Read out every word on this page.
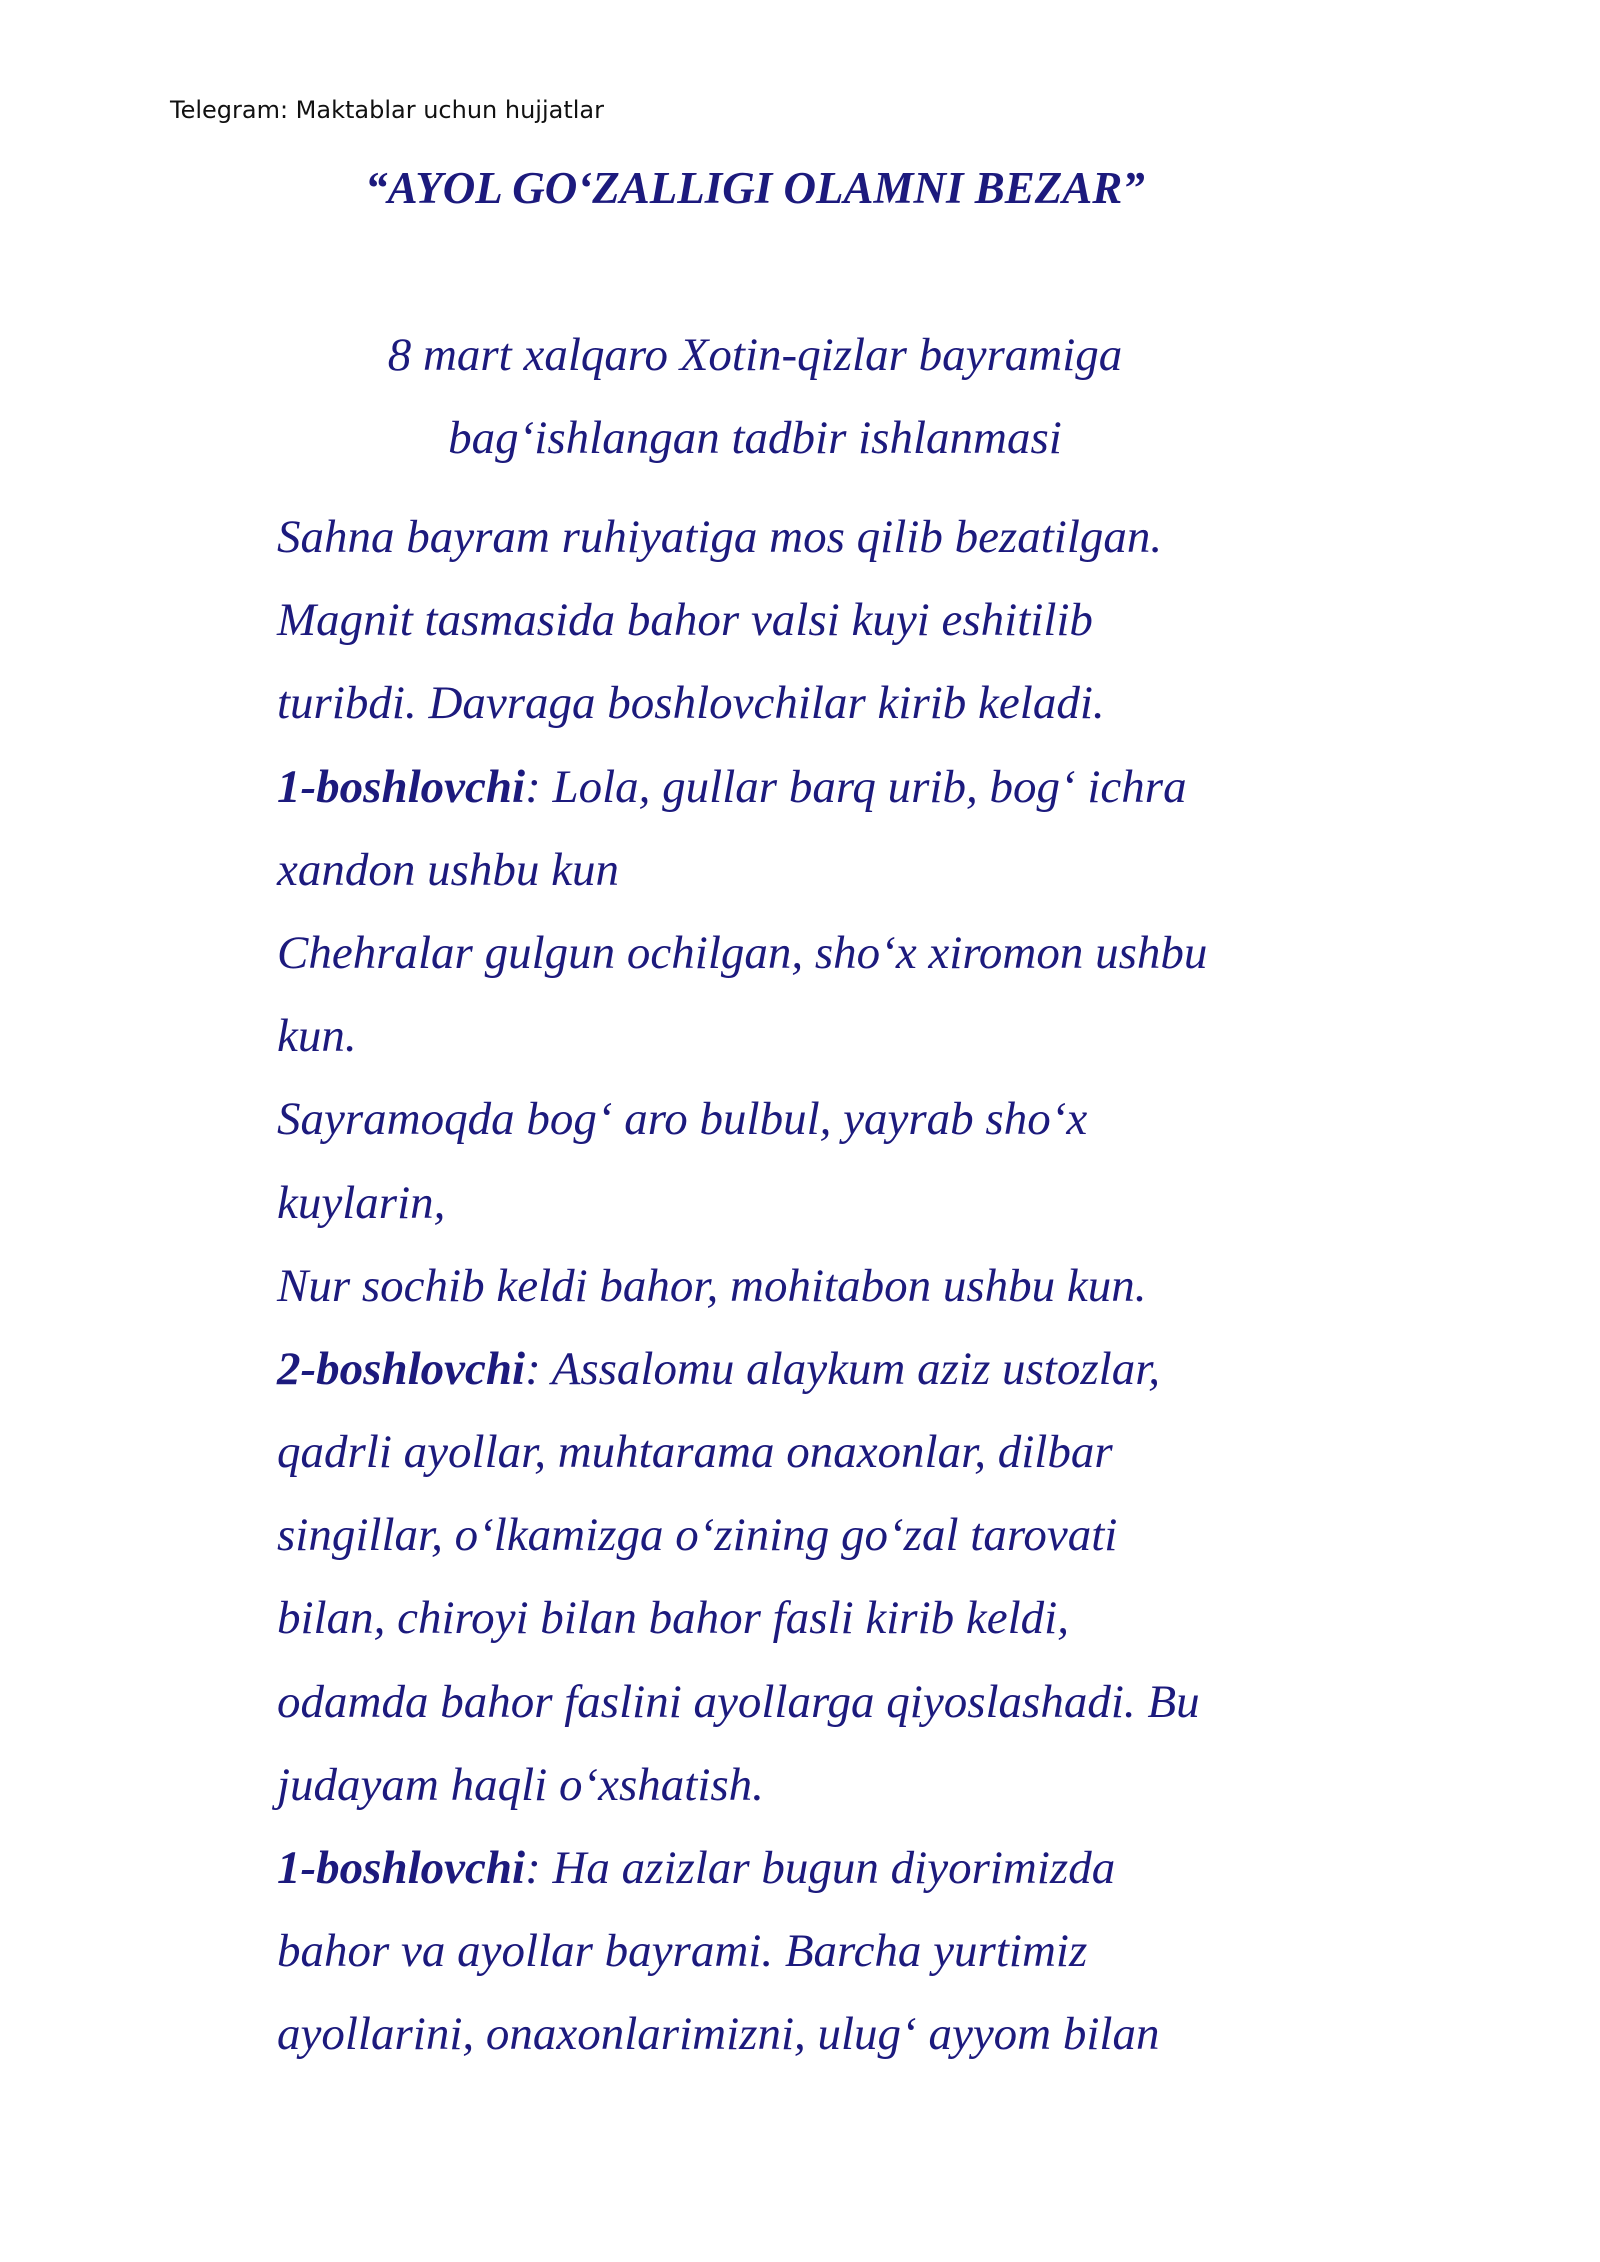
Telegram: Maktablar uchun hujjatlar
“AYOL GO‘ZALLIGI OLAMNI BEZAR”
8 mart xalqaro Xotin-qizlar bayramiga
bag‘ishlangan tadbir ishlanmasi
Sahna bayram ruhiyatiga mos qilib bezatilgan.
Magnit tasmasida bahor valsi kuyi eshitilib
turibdi. Davraga boshlovchilar kirib keladi.
1-boshlovchi: Lola, gullar barq urib, bog‘ ichra
xandon ushbu kun
Chehralar gulgun ochilgan, sho‘x xiromon ushbu
kun.
Sayramoqda bog‘ aro bulbul, yayrab sho‘x
kuylarin,
Nur sochib keldi bahor, mohitabon ushbu kun.
2-boshlovchi: Assalomu alaykum aziz ustozlar,
qadrli ayollar, muhtarama onaxonlar, dilbar
singillar, o‘lkamizga o‘zining go‘zal tarovati
bilan, chiroyi bilan bahor fasli kirib keldi,
odamda bahor faslini ayollarga qiyoslashadi. Bu
judayam haqli o‘xshatish.
1-boshlovchi: Ha azizlar bugun diyorimizda
bahor va ayollar bayrami. Barcha yurtimiz
ayollarini, onaxonlarimizni, ulug‘ ayyom bilan
